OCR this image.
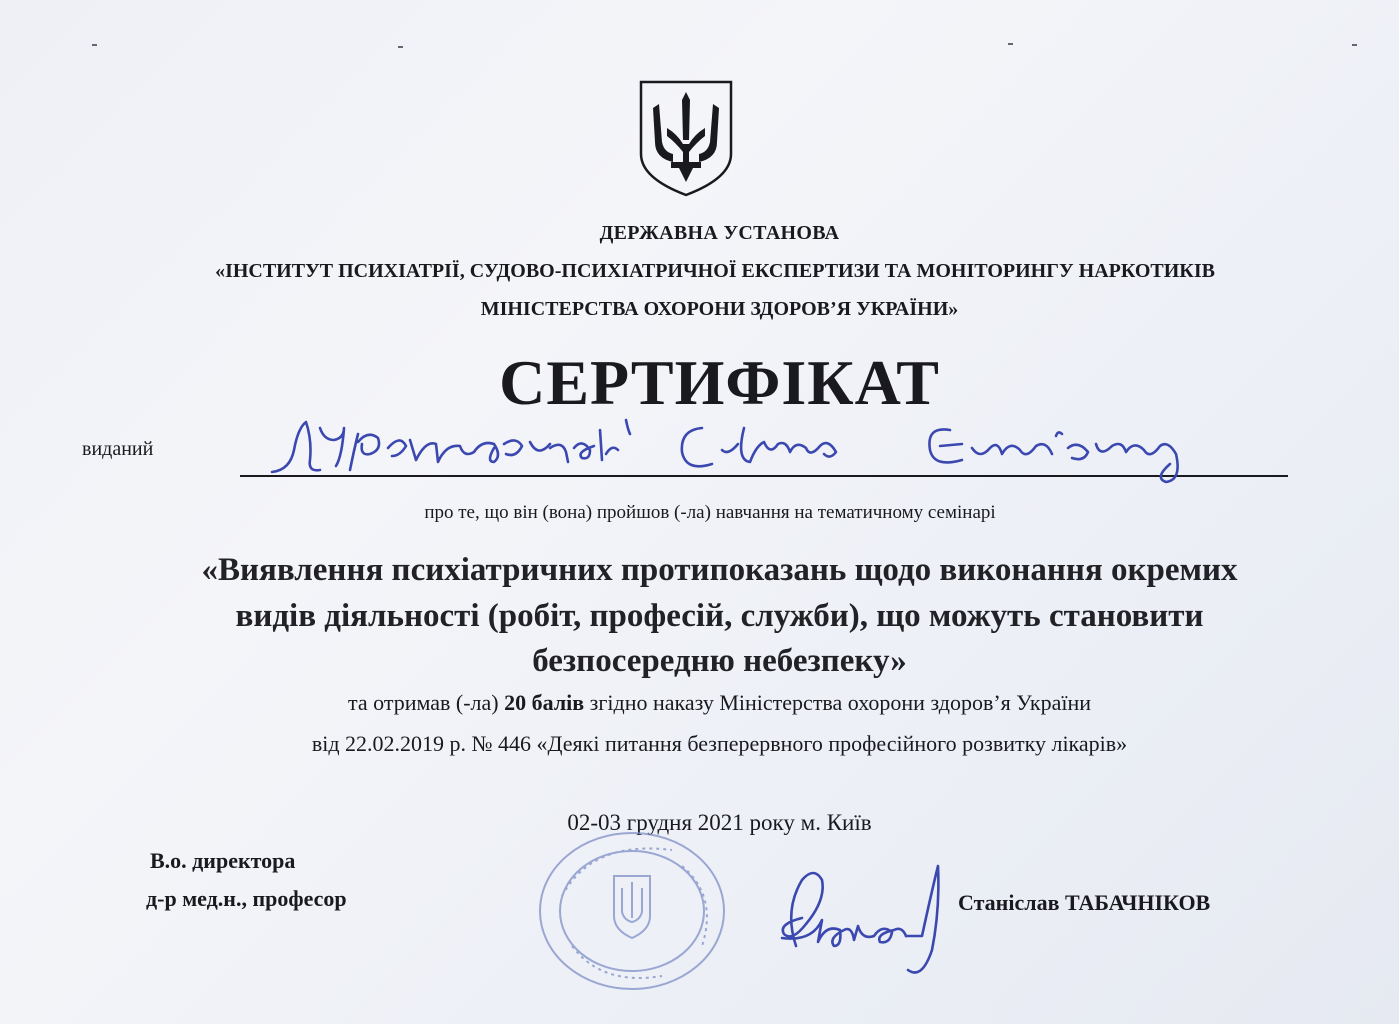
ДЕРЖАВНА УСТАНОВА
«ІНСТИТУТ ПСИХІАТРІЇ, СУДОВО-ПСИХІАТРИЧНОЇ ЕКСПЕРТИЗИ ТА МОНІТОРИНГУ НАРКОТИКІВ
МІНІСТЕРСТВА ОХОРОНИ ЗДОРОВ’Я УКРАЇНИ»
СЕРТИФІКАТ
виданий
про те, що він (вона) пройшов (-ла) навчання на тематичному семінарі
«Виявлення психіатричних протипоказань щодо виконання окремих
видів діяльності (робіт, професій, служби), що можуть становити
безпосередню небезпеку»
та отримав (-ла) 20 балів згідно наказу Міністерства охорони здоров’я України
від 22.02.2019 р. № 446 «Деякі питання безперервного професійного розвитку лікарів»
02-03 грудня 2021 року м. Київ
В.о. директора
д-р мед.н., професор	Станіслав ТАБАЧНІКОВ
